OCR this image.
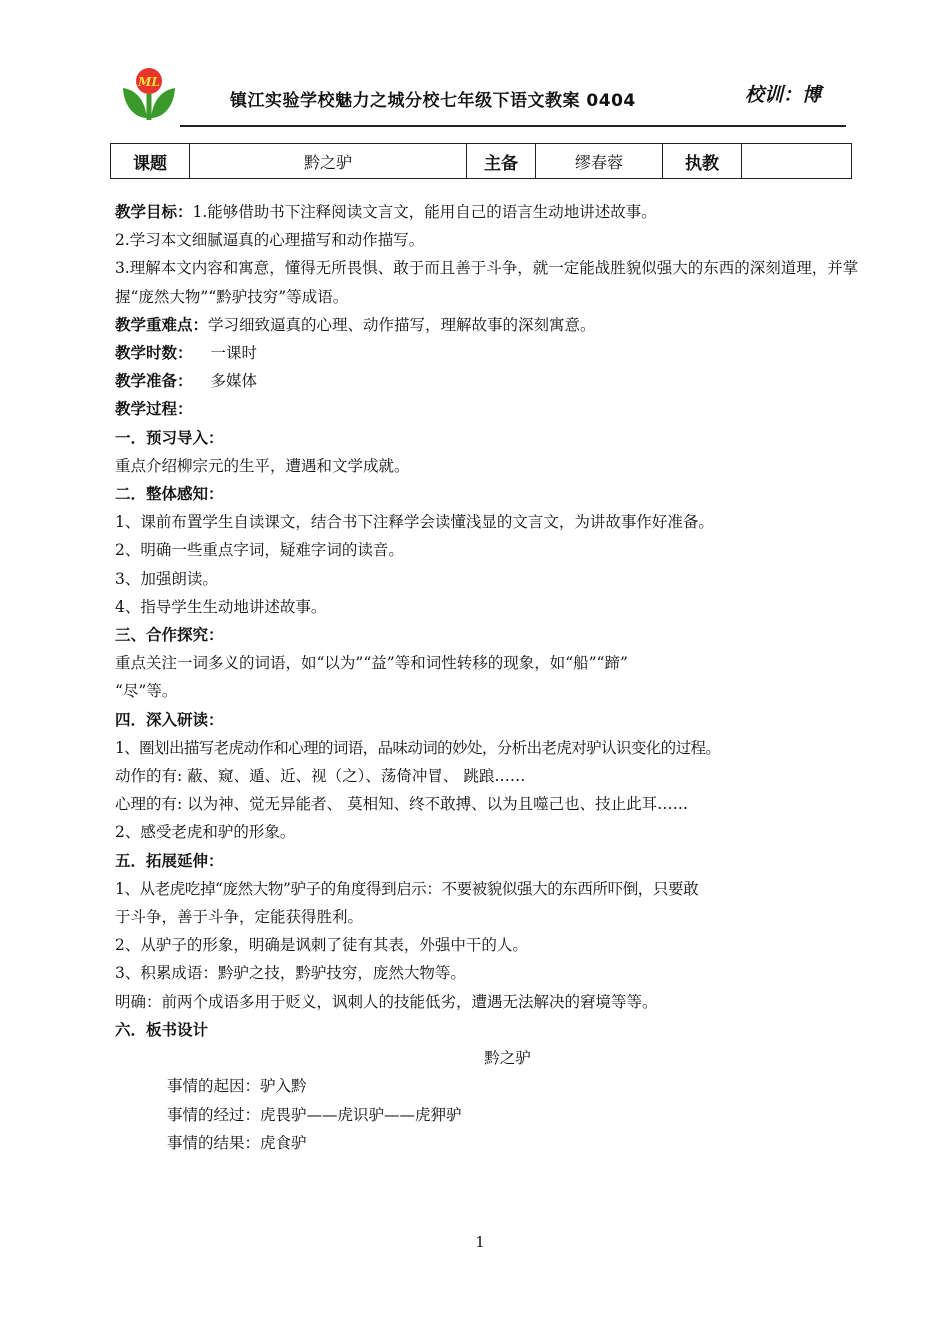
ML
镇江实验学校魅力之城分校七年级下语文教案 0404	校训：博
课题	黔之驴	主备	缪春蓉	执教	

教学目标：1.能够借助书下注释阅读文言文，能用自己的语言生动地讲述故事。

2.学习本文细腻逼真的心理描写和动作描写。

3.理解本文内容和寓意，懂得无所畏惧、敢于而且善于斗争，就一定能战胜貌似强大的东西的深刻道理，并掌握“庞然大物”“黔驴技穷”等成语。

教学重难点：学习细致逼真的心理、动作描写，理解故事的深刻寓意。

教学时数： 一课时

教学准备： 多媒体

教学过程：

一．预习导入：

重点介绍柳宗元的生平，遭遇和文学成就。

二．整体感知：

1、课前布置学生自读课文，结合书下注释学会读懂浅显的文言文，为讲故事作好准备。

2、明确一些重点字词，疑难字词的读音。

3、加强朗读。

4、指导学生生动地讲述故事。

三、合作探究：

重点关注一词多义的词语，如“以为”“益”等和词性转移的现象，如“船”“蹄”

“尽”等。

四．深入研读：

1、圈划出描写老虎动作和心理的词语，品味动词的妙处，分析出老虎对驴认识变化的过程。

动作的有: 蔽、窥、遁、近、视（之）、荡倚冲冒、 跳踉……

心理的有: 以为神、觉无异能者、 莫相知、终不敢搏、以为且噬己也、技止此耳……

2、感受老虎和驴的形象。

五．拓展延伸：

1、从老虎吃掉“庞然大物”驴子的角度得到启示：不要被貌似强大的东西所吓倒，只要敢

于斗争，善于斗争，定能获得胜利。

2、从驴子的形象，明确是讽刺了徒有其表，外强中干的人。

3、积累成语：黔驴之技，黔驴技穷，庞然大物等。

明确：前两个成语多用于贬义，讽刺人的技能低劣，遭遇无法解决的窘境等等。

六．板书设计

黔之驴

事情的起因：驴入黔

事情的经过：虎畏驴——虎识驴——虎狎驴

事情的结果：虎食驴

1
